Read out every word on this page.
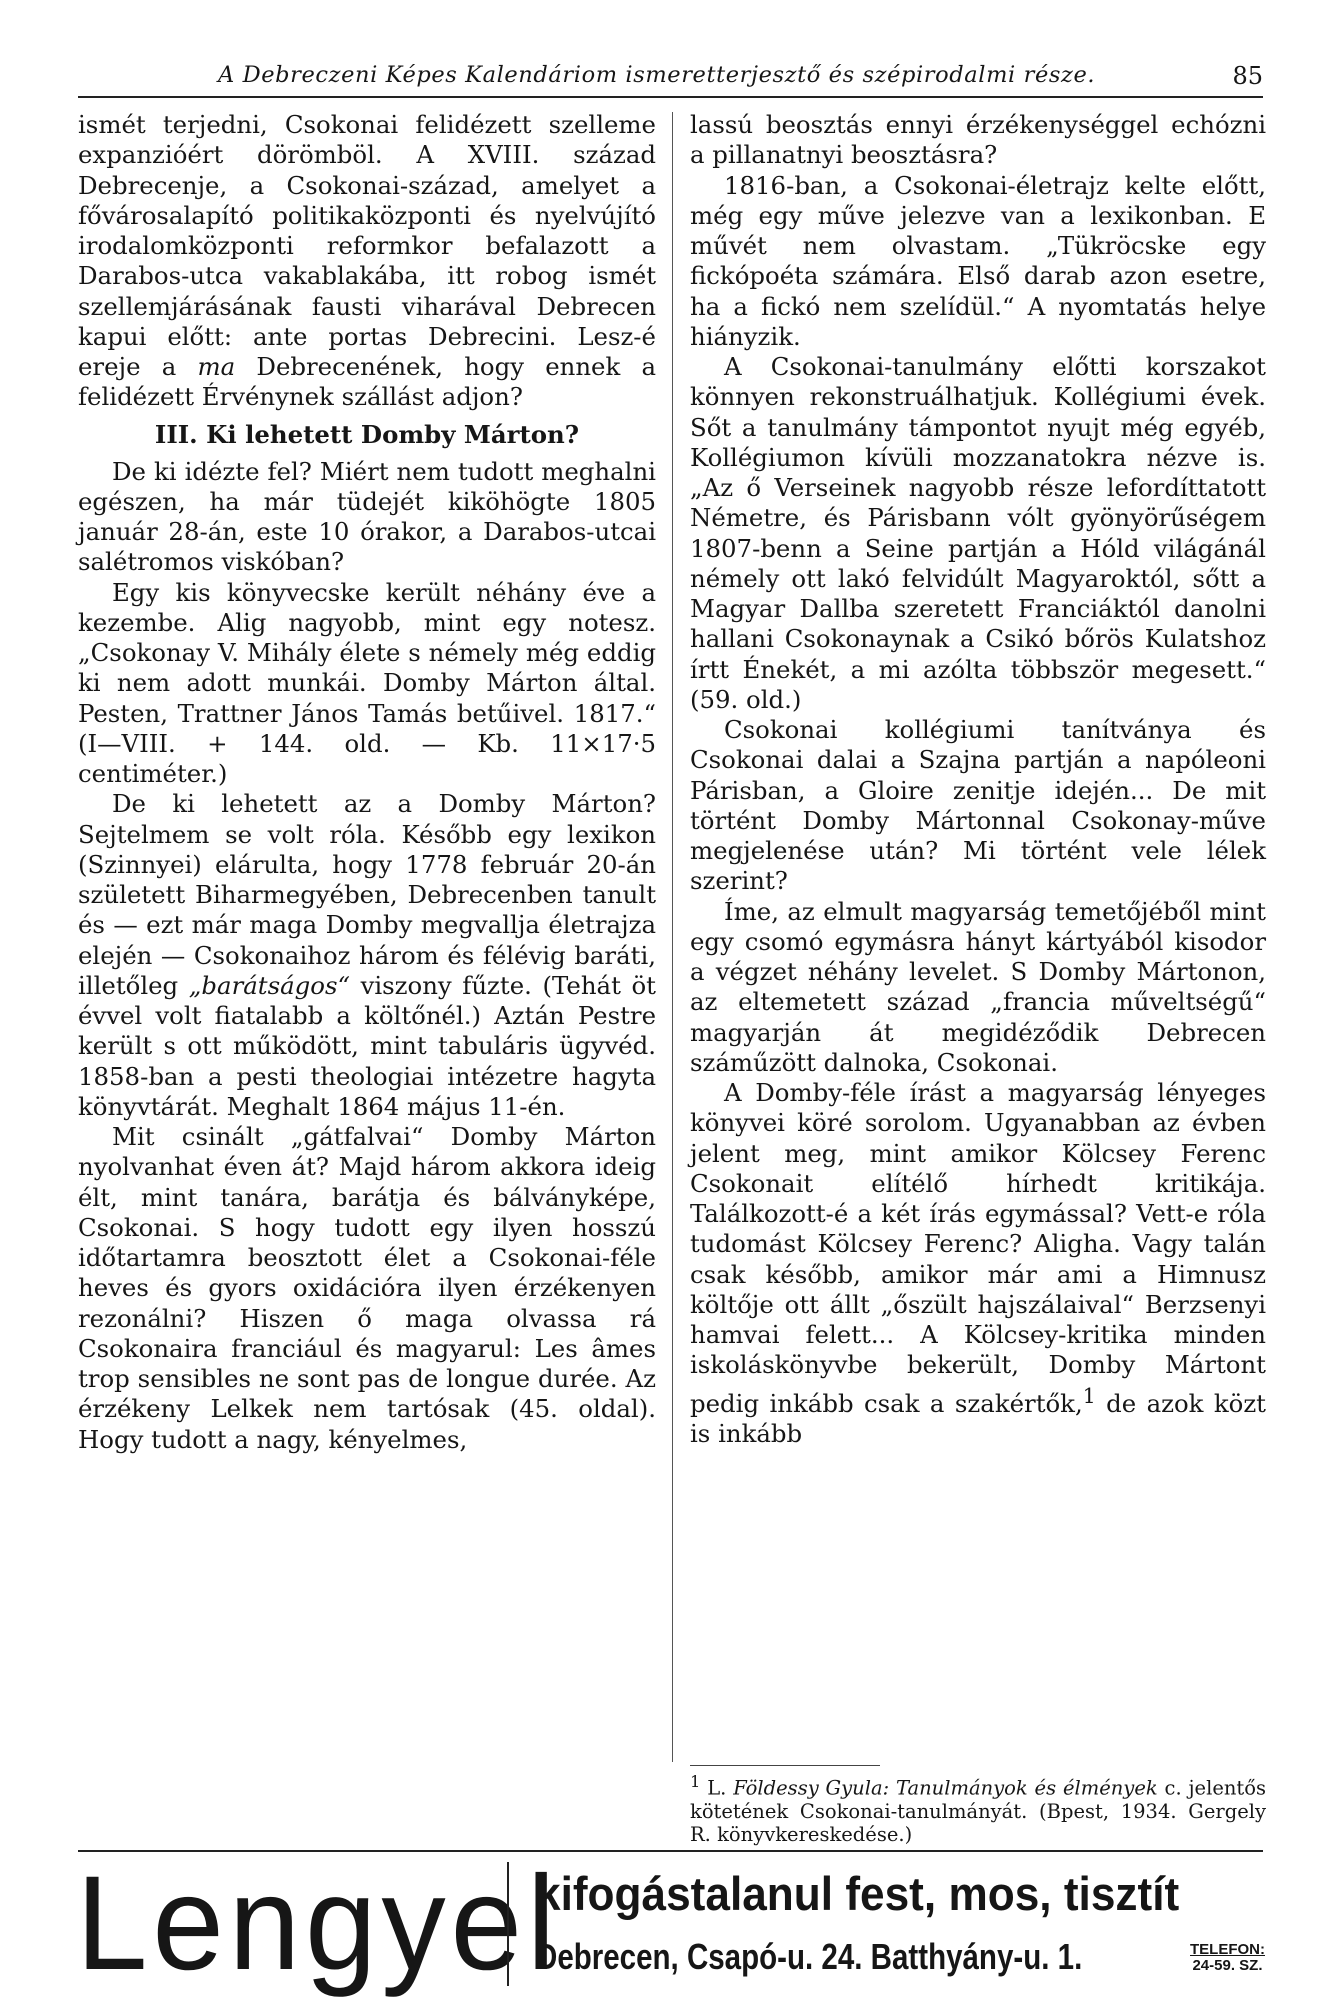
A Debreczeni Képes Kalendáriom ismeretterjesztő és szépirodalmi része.	85

ismét terjedni, Csokonai felidézett szelleme expanzióért dörömböl. A XVIII. század Debrecenje, a Csokonai-század, amelyet a fővárosalapító politikaközponti és nyelvújító irodalomközponti reformkor befalazott a Darabos-utca vakablakába, itt robog ismét szellemjárásának fausti viharával Debrecen kapui előtt: ante portas Debrecini. Lesz-é ereje a ma Debrecenének, hogy ennek a felidézett Érvénynek szállást adjon?

III. Ki lehetett Domby Márton?

De ki idézte fel? Miért nem tudott meghalni egészen, ha már tüdejét kiköhögte 1805 január 28-án, este 10 órakor, a Darabos-utcai salétromos viskóban?

Egy kis könyvecske került néhány éve a kezembe. Alig nagyobb, mint egy notesz. „Csokonay V. Mihály élete s némely még eddig ki nem adott munkái. Domby Márton által. Pesten, Trattner János Tamás betűivel. 1817.“ (I—VIII. + 144. old. — Kb. 11×17·5 centiméter.)

De ki lehetett az a Domby Márton? Sejtelmem se volt róla. Később egy lexikon (Szinnyei) elárulta, hogy 1778 február 20-án született Biharmegyében, Debrecenben tanult és — ezt már maga Domby megvallja életrajza elején — Csokonaihoz három és félévig baráti, illetőleg „barátságos“ viszony fűzte. (Tehát öt évvel volt fiatalabb a költőnél.) Aztán Pestre került s ott működött, mint tabuláris ügyvéd. 1858-ban a pesti theologiai intézetre hagyta könyvtárát. Meghalt 1864 május 11-én.

Mit csinált „gátfalvai“ Domby Márton nyolvanhat éven át? Majd három akkora ideig élt, mint tanára, barátja és bálványképe, Csokonai. S hogy tudott egy ilyen hosszú időtartamra beosztott élet a Csokonai-féle heves és gyors oxidációra ilyen érzékenyen rezonálni? Hiszen ő maga olvassa rá Csokonaira franciául és magyarul: Les âmes trop sensibles ne sont pas de longue durée. Az érzékeny Lelkek nem tartósak (45. oldal). Hogy tudott a nagy, kényelmes,

lassú beosztás ennyi érzékenységgel echózni a pillanatnyi beosztásra?

1816-ban, a Csokonai-életrajz kelte előtt, még egy műve jelezve van a lexikonban. E művét nem olvastam. „Tükröcske egy fickópoéta számára. Első darab azon esetre, ha a fickó nem szelídül.“ A nyomtatás helye hiányzik.

A Csokonai-tanulmány előtti korszakot könnyen rekonstruálhatjuk. Kollégiumi évek. Sőt a tanulmány támpontot nyujt még egyéb, Kollégiumon kívüli mozzanatokra nézve is. „Az ő Verseinek nagyobb része lefordíttatott Németre, és Párisbann vólt gyönyörűségem 1807-benn a Seine partján a Hóld világánál némely ott lakó felvidúlt Magyaroktól, sőtt a Magyar Dallba szeretett Franciáktól danolni hallani Csokonaynak a Csikó bőrös Kulatshoz írtt Énekét, a mi azólta többször megesett.“ (59. old.)

Csokonai kollégiumi tanítványa és Csokonai dalai a Szajna partján a napóleoni Párisban, a Gloire zenitje idején... De mit történt Domby Mártonnal Csokonay-műve megjelenése után? Mi történt vele lélek szerint?

Íme, az elmult magyarság temetőjéből mint egy csomó egymásra hányt kártyából kisodor a végzet néhány levelet. S Domby Mártonon, az eltemetett század „francia műveltségű“ magyarján át megidéződik Debrecen száműzött dalnoka, Csokonai.

A Domby-féle írást a magyarság lényeges könyvei köré sorolom. Ugyanabban az évben jelent meg, mint amikor Kölcsey Ferenc Csokonait elítélő hírhedt kritikája. Találkozott-é a két írás egymással? Vett-e róla tudomást Kölcsey Ferenc? Aligha. Vagy talán csak később, amikor már ami a Himnusz költője ott állt „őszült hajszálaival“ Berzsenyi hamvai felett... A Kölcsey-kritika minden iskoláskönyvbe bekerült, Domby Mártont pedig inkább csak a szakértők,$^1$ de azok közt is inkább

$^1$ L. Földessy Gyula: Tanulmányok és élmények c. jelentős kötetének Csokonai-tanulmányát. (Bpest, 1934. Gergely R. könyvkereskedése.)
Lengyel
kifogástalanul fest, mos, tisztít
Debrecen, Csapó-u. 24. Batthyány-u. 1.	TELEFON:
24-59. SZ.
